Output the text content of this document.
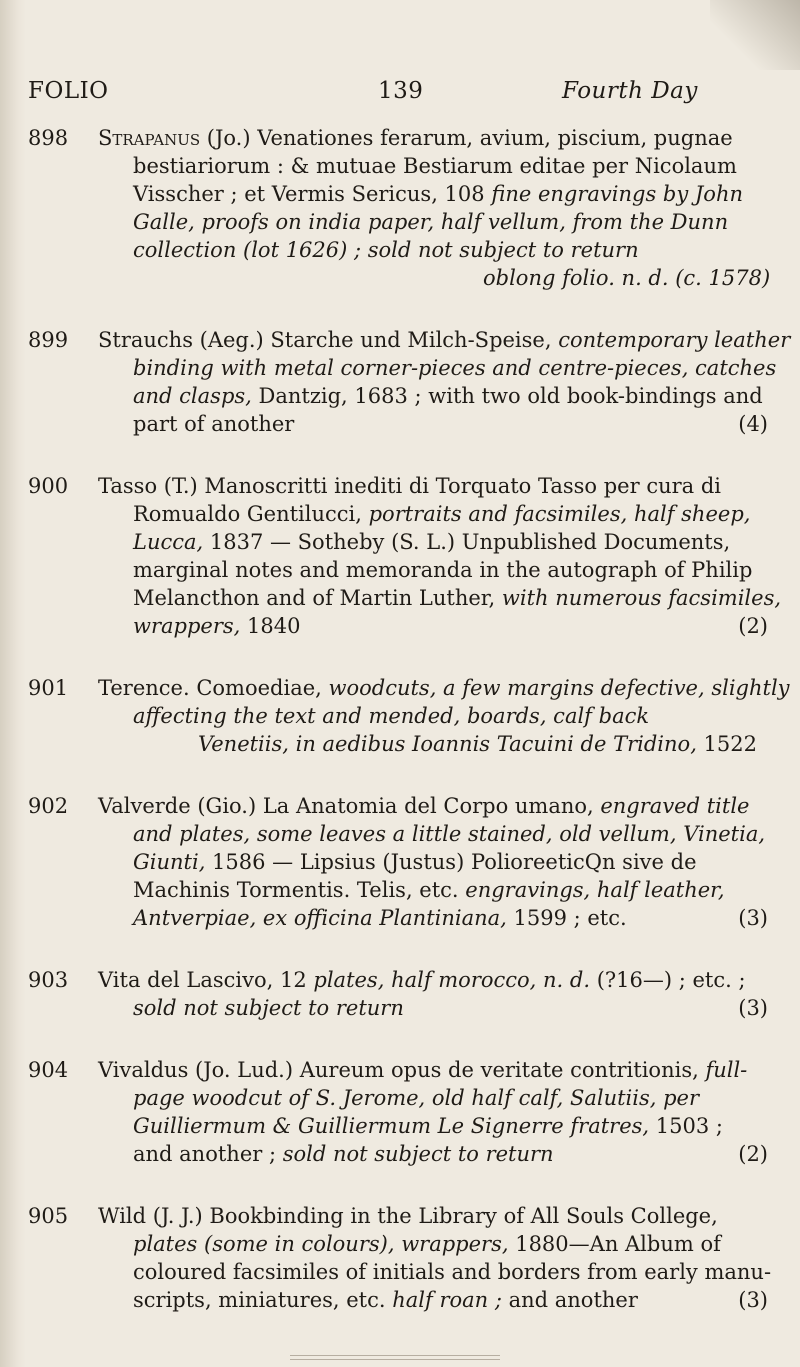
FOLIO	139	Fourth Day
898	Strapanus (Jo.) Venationes ferarum, avium, piscium, pugnae
bestiariorum : & mutuae Bestiarum editae per Nicolaum
Visscher ; et Vermis Sericus, 108 fine engravings by John
Galle, proofs on india paper, half vellum, from the Dunn
collection (lot 1626) ; sold not subject to return
oblong folio. n. d. (c. 1578)
899	Strauchs (Aeg.) Starche und Milch-Speise, contemporary leather
binding with metal corner-pieces and centre-pieces, catches
and clasps, Dantzig, 1683 ; with two old book-bindings and
part of another	(4)
900	Tasso (T.) Manoscritti inediti di Torquato Tasso per cura di
Romualdo Gentilucci, portraits and facsimiles, half sheep,
Lucca, 1837 — Sotheby (S. L.) Unpublished Documents,
marginal notes and memoranda in the autograph of Philip
Melancthon and of Martin Luther, with numerous facsimiles,
wrappers, 1840	(2)
901	Terence. Comoediae, woodcuts, a few margins defective, slightly
affecting the text and mended, boards, calf back
Venetiis, in aedibus Ioannis Tacuini de Tridino, 1522
902	Valverde (Gio.) La Anatomia del Corpo umano, engraved title
and plates, some leaves a little stained, old vellum, Vinetia,
Giunti, 1586 — Lipsius (Justus) PolioreeticQn sive de
Machinis Tormentis. Telis, etc. engravings, half leather,
Antverpiae, ex officina Plantiniana, 1599 ; etc.	(3)
903	Vita del Lascivo, 12 plates, half morocco, n. d. (?16—) ; etc. ;
sold not subject to return	(3)
904	Vivaldus (Jo. Lud.) Aureum opus de veritate contritionis, full-
page woodcut of S. Jerome, old half calf, Salutiis, per
Guilliermum & Guilliermum Le Signerre fratres, 1503 ;
and another ; sold not subject to return	(2)
905	Wild (J. J.) Bookbinding in the Library of All Souls College,
plates (some in colours), wrappers, 1880—An Album of
coloured facsimiles of initials and borders from early manu-
scripts, miniatures, etc. half roan ; and another	(3)
